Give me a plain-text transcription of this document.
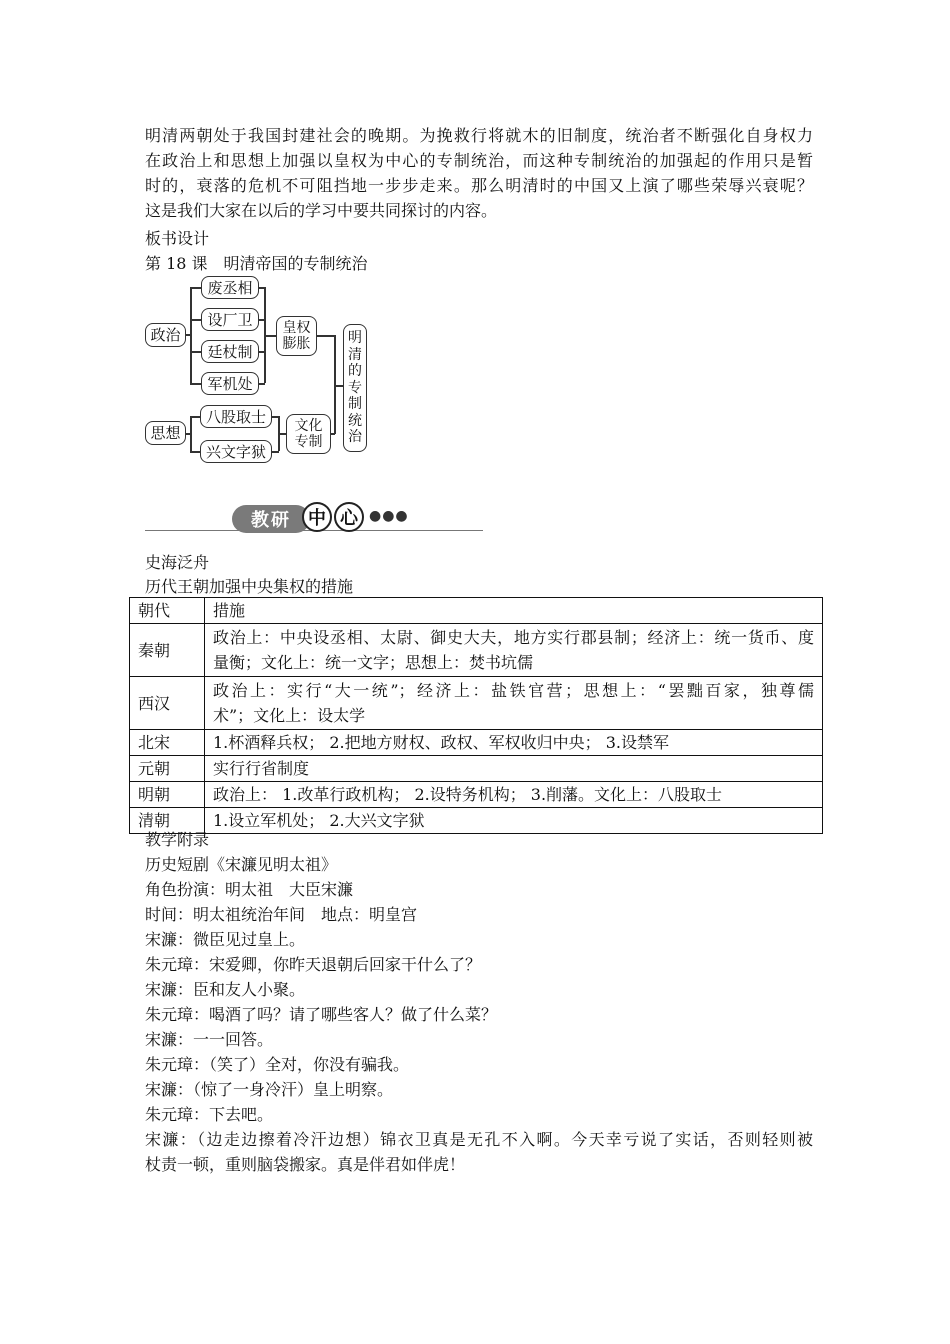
明清两朝处于我国封建社会的晚期。为挽救行将就木的旧制度，统治者不断强化自身权力
在政治上和思想上加强以皇权为中心的专制统治，而这种专制统治的加强起的作用只是暂
时的，衰落的危机不可阻挡地一步步走来。那么明清时的中国又上演了哪些荣辱兴衰呢？
这是我们大家在以后的学习中要共同探讨的内容。
板书设计
第 18 课　明清帝国的专制统治
政治
废丞相
设厂卫
廷杖制
军机处
皇权
膨胀
思想
八股取士
兴文字狱
文化
专制
明
清
的
专
制
统
治
教研 中 心 ●●●
史海泛舟
历代王朝加强中央集权的措施
朝代	措施
秦朝	政治上：中央设丞相、太尉、御史大夫，地方实行郡县制；经济上：统一货币、度
量衡；文化上：统一文字；思想上：焚书坑儒
西汉	政治上：实行“大一统”；经济上：盐铁官营；思想上：“罢黜百家，独尊儒
术”；文化上：设太学
北宋	1.杯酒释兵权； 2.把地方财权、政权、军权收归中央； 3.设禁军
元朝	实行行省制度
明朝	政治上： 1.改革行政机构； 2.设特务机构； 3.削藩。文化上：八股取士
清朝	1.设立军机处； 2.大兴文字狱
教学附录
历史短剧《宋濂见明太祖》
角色扮演：明太祖　大臣宋濂
时间：明太祖统治年间　地点：明皇宫
宋濂：微臣见过皇上。
朱元璋：宋爱卿，你昨天退朝后回家干什么了？
宋濂：臣和友人小聚。
朱元璋：喝酒了吗？请了哪些客人？做了什么菜？
宋濂：一一回答。
朱元璋：（笑了）全对，你没有骗我。
宋濂：（惊了一身冷汗）皇上明察。
朱元璋：下去吧。
宋濂：（边走边擦着冷汗边想）锦衣卫真是无孔不入啊。今天幸亏说了实话，否则轻则被
杖责一顿，重则脑袋搬家。真是伴君如伴虎！
